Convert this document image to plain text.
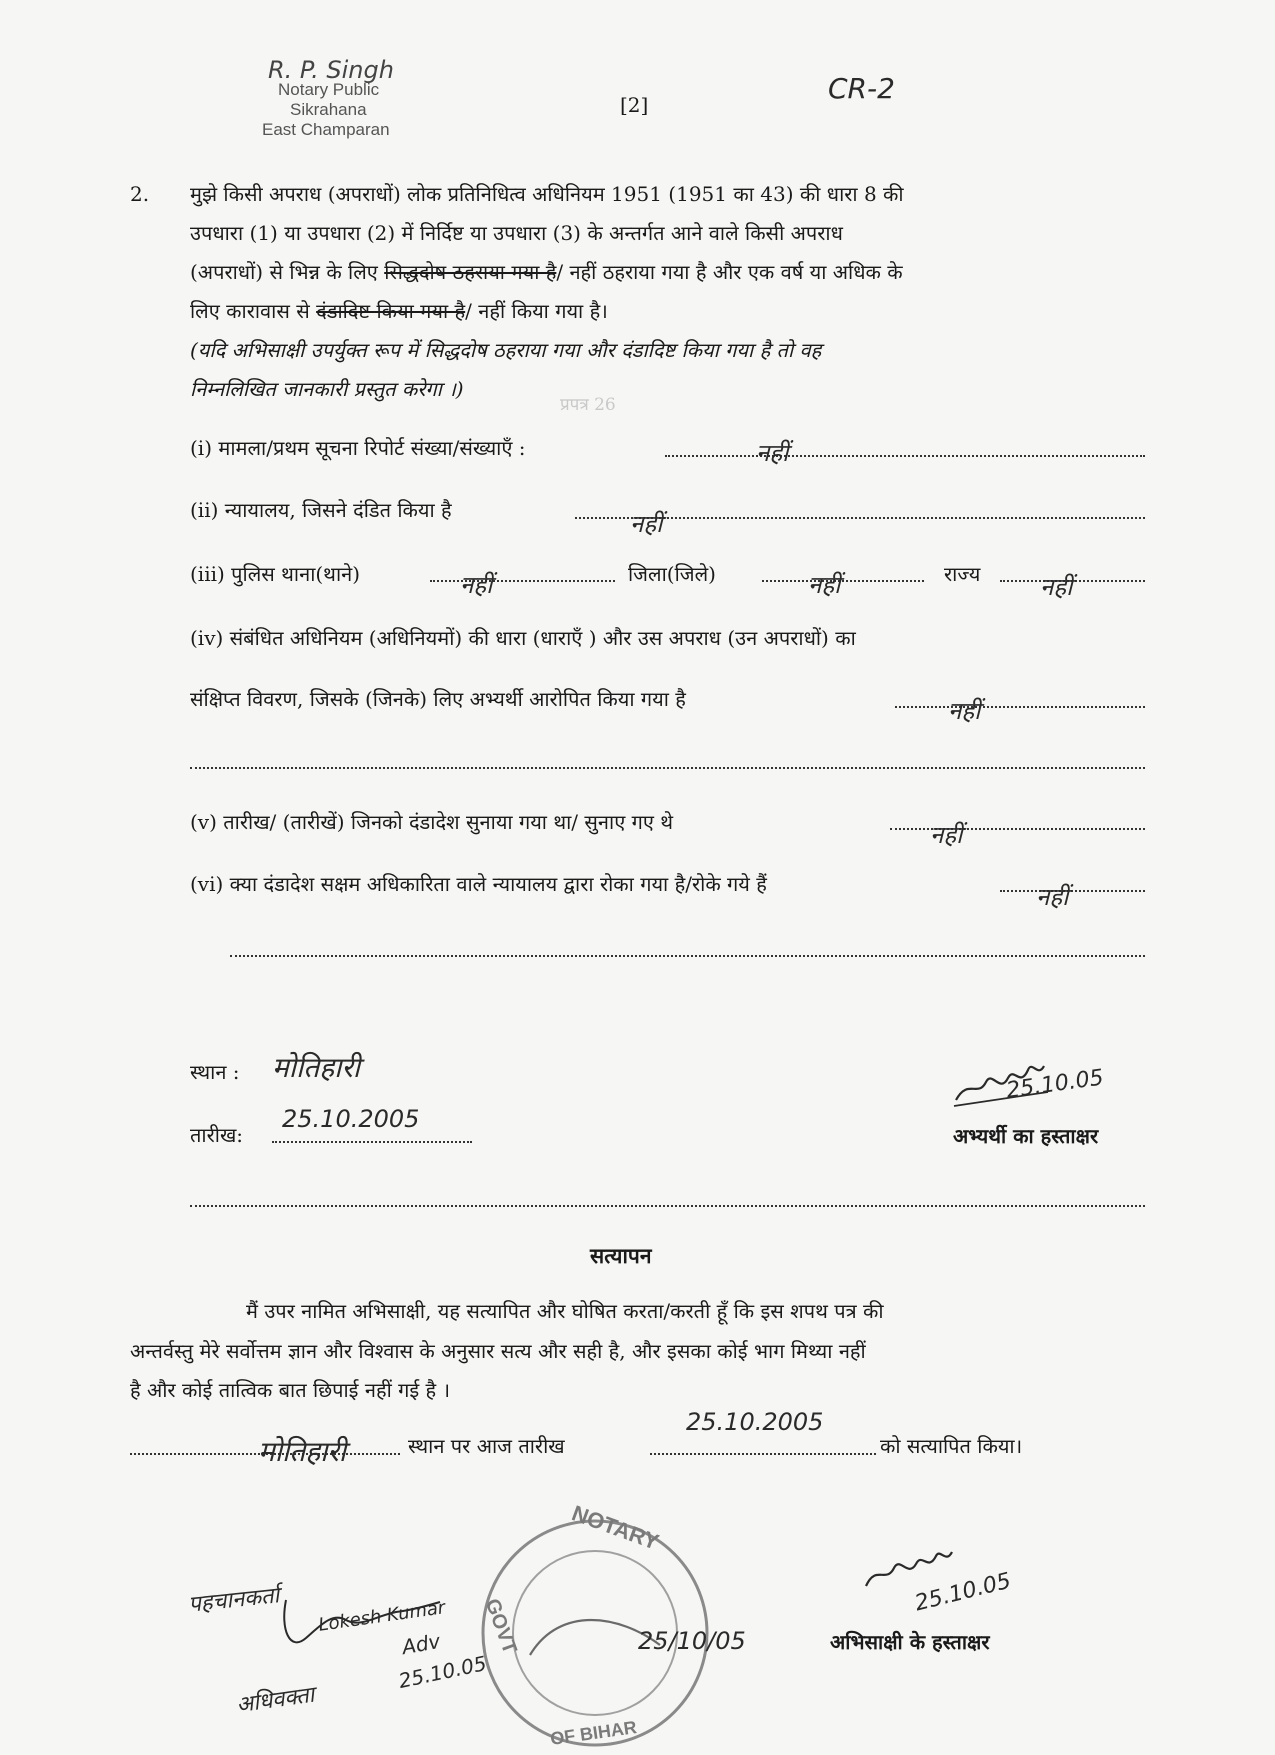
प्रपत्र 26
R. P. Singh
Notary Public
Sikrahana
East Champaran
[2]	CR-2
2. मुझे किसी अपराध (अपराधों) लोक प्रतिनिधित्व अधिनियम 1951 (1951 का 43) की धारा 8 की
उपधारा (1) या उपधारा (2) में निर्दिष्ट या उपधारा (3) के अन्तर्गत आने वाले किसी अपराध
(अपराधों) से भिन्न के लिए सिद्धदोष ठहराया गया है/ नहीं ठहराया गया है और एक वर्ष या अधिक के
लिए कारावास से दंडादिष्ट किया गया है/ नहीं किया गया है।
(यदि अभिसाक्षी उपर्युक्त रूप में सिद्धदोष ठहराया गया और दंडादिष्ट किया गया है तो वह
निम्नलिखित जानकारी प्रस्तुत करेगा ।)
(i) मामला/प्रथम सूचना रिपोर्ट संख्या/संख्याएँ :	नहीं
(ii) न्यायालय, जिसने दंडित किया है	नहीं
(iii) पुलिस थाना(थाने)	नहीं	जिला(जिले)	नहीं	राज्य नहीं
(iv) संबंधित अधिनियम (अधिनियमों) की धारा (धाराएँ ) और उस अपराध (उन अपराधों) का
संक्षिप्त विवरण, जिसके (जिनके) लिए अभ्यर्थी आरोपित किया गया है	नहीं
(v) तारीख/ (तारीखें) जिनको दंडादेश सुनाया गया था/ सुनाए गए थे	नहीं
(vi) क्या दंडादेश सक्षम अधिकारिता वाले न्यायालय द्वारा रोका गया है/रोके गये हैं	नहीं
स्थान : मोतिहारी
तारीख:
25.10.2005
25.10.05
अभ्यर्थी का हस्ताक्षर
सत्यापन
मैं उपर नामित अभिसाक्षी, यह सत्यापित और घोषित करता/करती हूँ कि इस शपथ पत्र की
अन्तर्वस्तु मेरे सर्वोत्तम ज्ञान और विश्वास के अनुसार सत्य और सही है, और इसका कोई भाग मिथ्या नहीं
है और कोई तात्विक बात छिपाई नहीं गई है ।
मोतिहारी	स्थान पर आज तारीख
25.10.2005
को सत्यापित किया।
पहचानकर्ता Lokesh Kumar
Adv
25.10.05
अधिवक्ता
NOTARY
GOVT
OF BIHAR
25/10/05
25.10.05
अभिसाक्षी के हस्ताक्षर
